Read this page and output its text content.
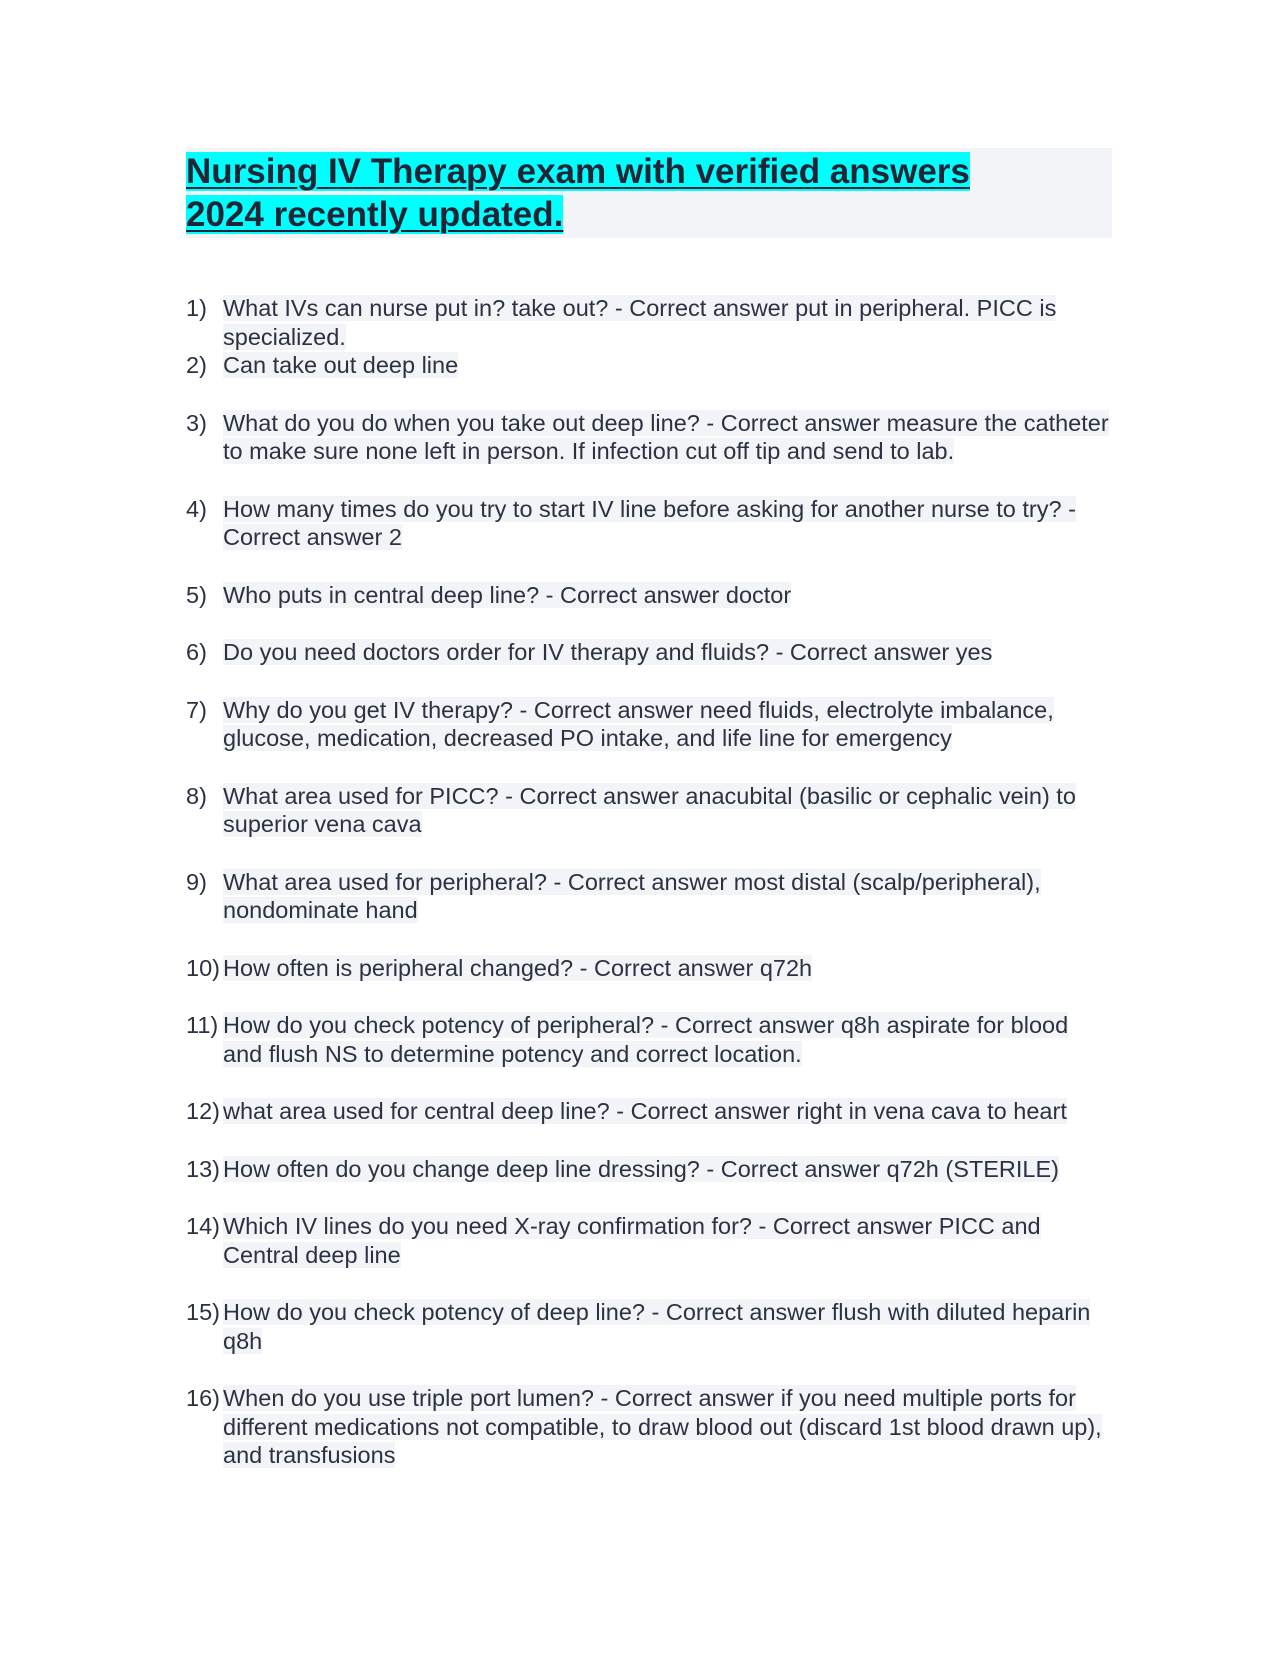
Nursing IV Therapy exam with verified answers
2024 recently updated.
1) What IVs can nurse put in? take out? - Correct answer put in peripheral. PICC is specialized.
2) Can take out deep line
3) What do you do when you take out deep line? - Correct answer measure the catheter to make sure none left in person. If infection cut off tip and send to lab.
4) How many times do you try to start IV line before asking for another nurse to try? - Correct answer 2
5) Who puts in central deep line? - Correct answer doctor
6) Do you need doctors order for IV therapy and fluids? - Correct answer yes
7) Why do you get IV therapy? - Correct answer need fluids, electrolyte imbalance, glucose, medication, decreased PO intake, and life line for emergency
8) What area used for PICC? - Correct answer anacubital (basilic or cephalic vein) to superior vena cava
9) What area used for peripheral? - Correct answer most distal (scalp/peripheral), nondominate hand
10) How often is peripheral changed? - Correct answer q72h
11) How do you check potency of peripheral? - Correct answer q8h aspirate for blood and flush NS to determine potency and correct location.
12) what area used for central deep line? - Correct answer right in vena cava to heart
13) How often do you change deep line dressing? - Correct answer q72h (STERILE)
14) Which IV lines do you need X-ray confirmation for? - Correct answer PICC and Central deep line
15) How do you check potency of deep line? - Correct answer flush with diluted heparin q8h
16) When do you use triple port lumen? - Correct answer if you need multiple ports for different medications not compatible, to draw blood out (discard 1st blood drawn up), and transfusions
